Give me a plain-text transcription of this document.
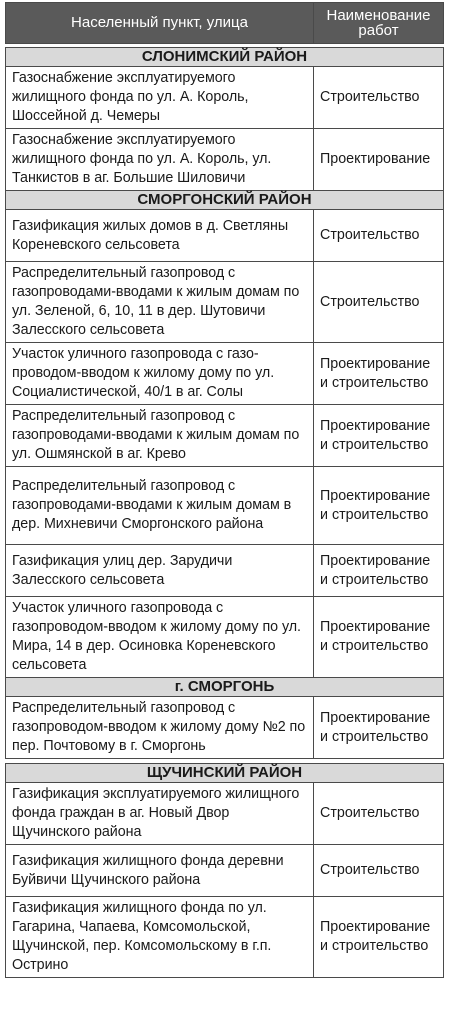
Населенный пункт, улица	Наименование работ

СЛОНИМСКИЙ РАЙОН	
Газоснабжение эксплуатируемого жилищного фонда по ул. А. Король, Шоссейной д. Чемеры	Строительство
Газоснабжение эксплуатируемого жилищного фонда по ул. А. Король, ул. Танкистов в аг. Большие Шиловичи	Проектирование
СМОРГОНСКИЙ РАЙОН	
Газификация жилых домов в д. Светляны Кореневского сельсовета	Строительство
Распределительный газопровод с газопроводами-вводами к жилым домам по ул. Зеленой, 6, 10, 11 в дер. Шутовичи Залесского сельсовета	Строительство
Участок уличного газопровода с газо- проводом-вводом к жилому дому по ул. Социалистической, 40/1 в аг. Солы	Проектирование и строительство
Распределительный газопровод с газопроводами-вводами к жилым домам по ул. Ошмянской в аг. Крево	Проектирование и строительство
Распределительный газопровод с газопроводами-вводами к жилым домам в дер. Михневичи Сморгонского района	Проектирование и строительство
Газификация улиц дер. Зарудичи Залесского сельсовета	Проектирование и строительство
Участок уличного газопровода с газопроводом-вводом к жилому дому по ул. Мира, 14 в дер. Осиновка Кореневского сельсовета	Проектирование и строительство
г. СМОРГОНЬ	
Распределительный газопровод с газопроводом-вводом к жилому дому №2 по пер. Почтовому в г. Сморгонь	Проектирование и строительство

ЩУЧИНСКИЙ РАЙОН	
Газификация эксплуатируемого жилищного фонда граждан в аг. Новый Двор Щучинского района	Строительство
Газификация жилищного фонда деревни Буйвичи Щучинского района	Строительство
Газификация жилищного фонда по ул. Гагарина, Чапаева, Комсомольской, Щучинской, пер. Комсомольскому в г.п. Острино	Проектирование и строительство
